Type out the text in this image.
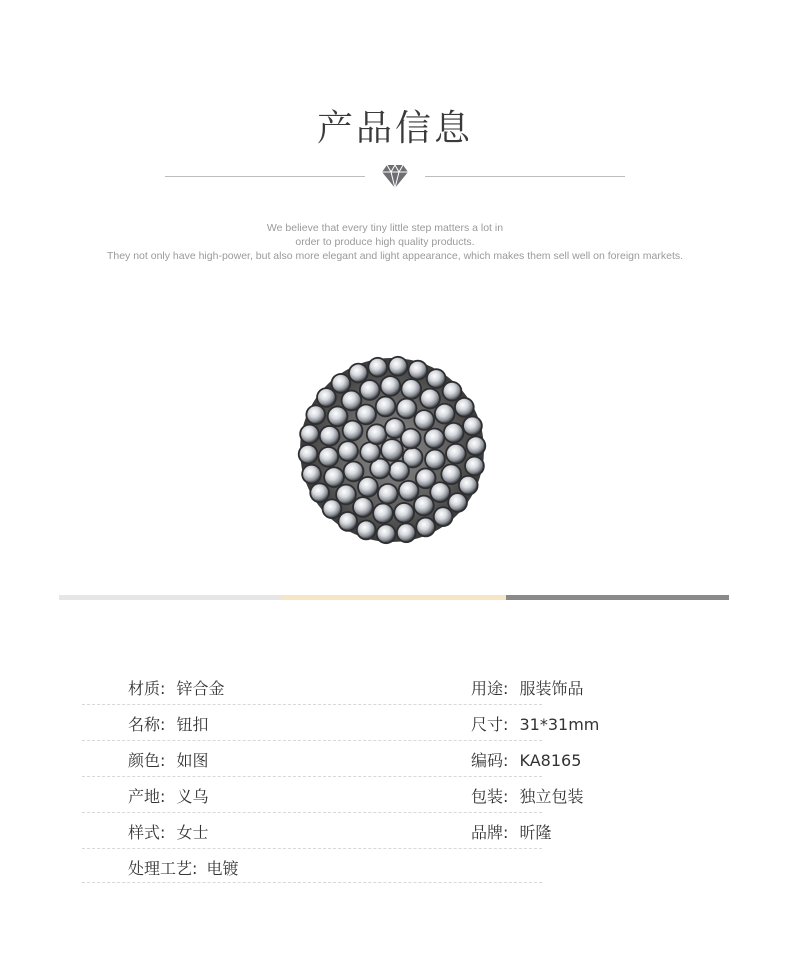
产品信息
We believe that every tiny little step matters a lot in
order to produce high quality products.
They not only have high-power, but also more elegant and light appearance, which makes them sell well on foreign markets.
材质: 锌合金
名称: 钮扣
颜色: 如图
产地: 义乌
样式: 女士
处理工艺: 电镀
用途: 服装饰品
尺寸: 31*31mm
编码: KA8165
包装: 独立包装
品牌: 昕隆
